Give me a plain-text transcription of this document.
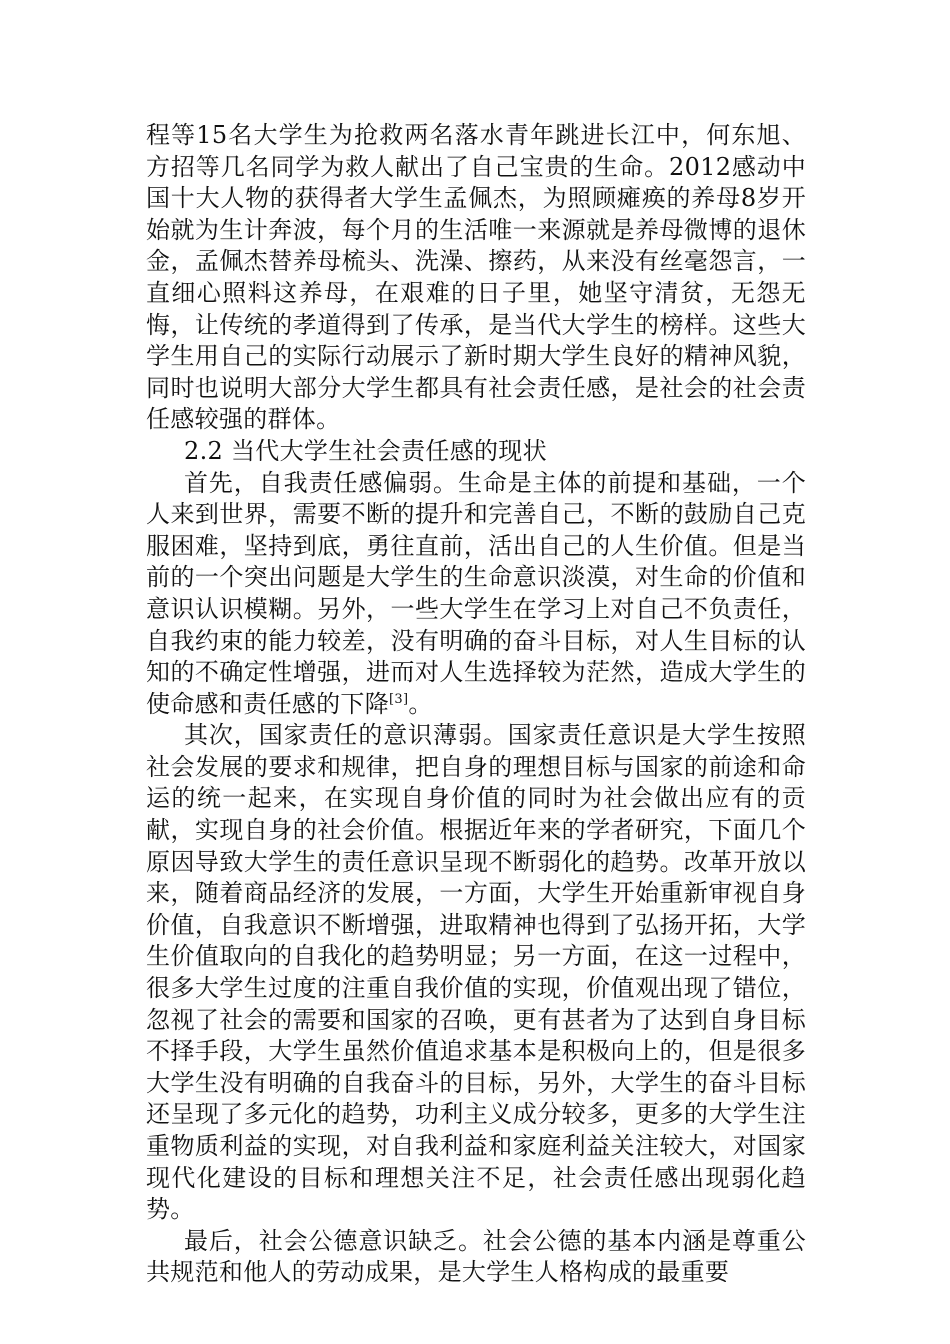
程等15名大学生为抢救两名落水青年跳进长江中，何东旭、方招等几名同学为救人献出了自己宝贵的生命。2012感动中国十大人物的获得者大学生孟佩杰，为照顾瘫痪的养母8岁开始就为生计奔波，每个月的生活唯一来源就是养母微博的退休金，孟佩杰替养母梳头、洗澡、擦药，从来没有丝毫怨言，一直细心照料这养母，在艰难的日子里，她坚守清贫，无怨无悔，让传统的孝道得到了传承，是当代大学生的榜样。这些大学生用自己的实际行动展示了新时期大学生良好的精神风貌，同时也说明大部分大学生都具有社会责任感，是社会的社会责任感较强的群体。

2.2 当代大学生社会责任感的现状

首先，自我责任感偏弱。生命是主体的前提和基础，一个人来到世界，需要不断的提升和完善自己，不断的鼓励自己克服困难，坚持到底，勇往直前，活出自己的人生价值。但是当前的一个突出问题是大学生的生命意识淡漠，对生命的价值和意识认识模糊。另外，一些大学生在学习上对自己不负责任，自我约束的能力较差，没有明确的奋斗目标，对人生目标的认知的不确定性增强，进而对人生选择较为茫然，造成大学生的使命感和责任感的下降[3]。

其次，国家责任的意识薄弱。国家责任意识是大学生按照社会发展的要求和规律，把自身的理想目标与国家的前途和命运的统一起来，在实现自身价值的同时为社会做出应有的贡献，实现自身的社会价值。根据近年来的学者研究，下面几个原因导致大学生的责任意识呈现不断弱化的趋势。改革开放以来，随着商品经济的发展，一方面，大学生开始重新审视自身价值，自我意识不断增强，进取精神也得到了弘扬开拓，大学生价值取向的自我化的趋势明显；另一方面，在这一过程中，很多大学生过度的注重自我价值的实现，价值观出现了错位，忽视了社会的需要和国家的召唤，更有甚者为了达到自身目标不择手段，大学生虽然价值追求基本是积极向上的，但是很多大学生没有明确的自我奋斗的目标，另外，大学生的奋斗目标还呈现了多元化的趋势，功利主义成分较多，更多的大学生注重物质利益的实现，对自我利益和家庭利益关注较大，对国家现代化建设的目标和理想关注不足，社会责任感出现弱化趋势。

最后，社会公德意识缺乏。社会公德的基本内涵是尊重公共规范和他人的劳动成果，是大学生人格构成的最重要
